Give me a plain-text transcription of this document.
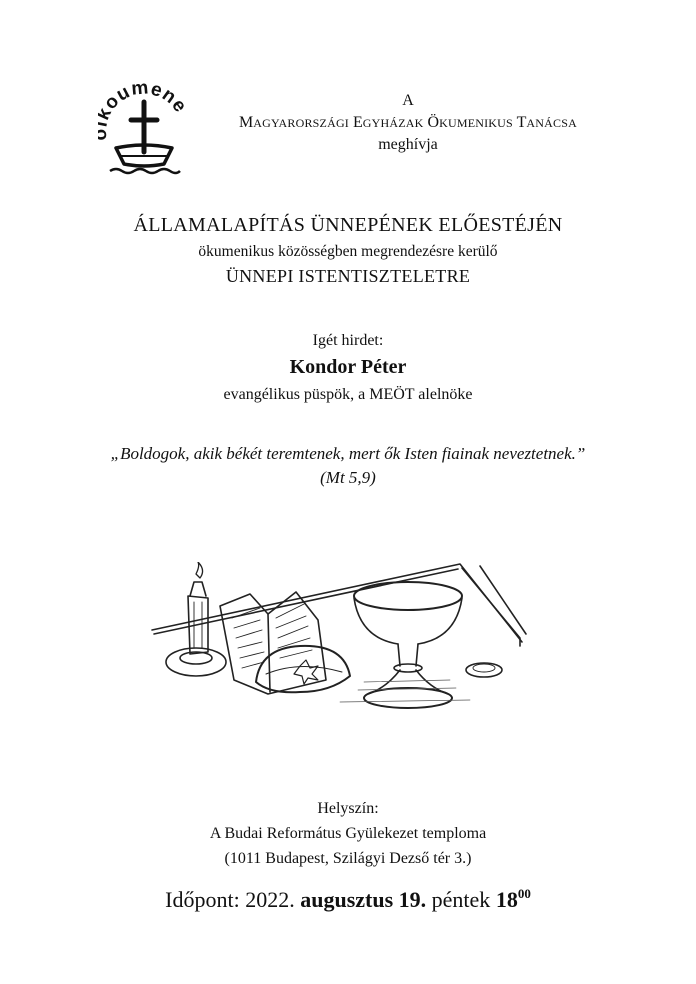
oumene	A
MAGYARORSZÁGI EGYHÁZAK ÖKUMENIKUS TANÁCSA
meghívja
ÁLLAMALAPÍTÁS ÜNNEPÉNEK ELŐESTÉJÉN
ökumenikus közösségben megrendezésre kerülő
ÜNNEPI ISTENTISZTELETRE
Igét hirdet:
Kondor Péter
evangélikus püspök, a MEÖT alelnöke
„Boldogok, akik békét teremtenek, mert ők Isten fiainak neveztetnek.”
(Mt 5,9)
Helyszín:
A Budai Református Gyülekezet temploma
(1011 Budapest, Szilágyi Dezső tér 3.)
Időpont: 2022. augusztus 19. péntek $18^{00}$
